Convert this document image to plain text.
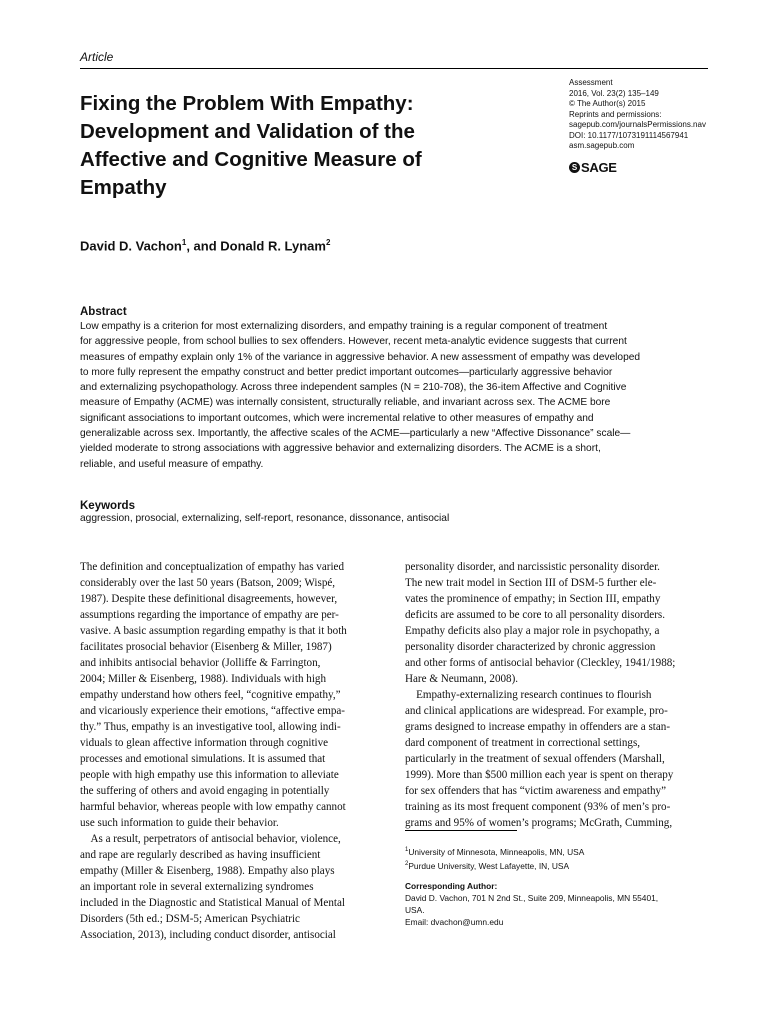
Article
Fixing the Problem With Empathy:
Development and Validation of the
Affective and Cognitive Measure of
Empathy
Assessment
2016, Vol. 23(2) 135–149
© The Author(s) 2015
Reprints and permissions:
sagepub.com/journalsPermissions.nav
DOI: 10.1177/1073191114567941
asm.sagepub.com
S SAGE
David D. Vachon$^1$, and Donald R. Lynam$^2$
Abstract

Low empathy is a criterion for most externalizing disorders, and empathy training is a regular component of treatment
for aggressive people, from school bullies to sex offenders. However, recent meta-analytic evidence suggests that current
measures of empathy explain only 1% of the variance in aggressive behavior. A new assessment of empathy was developed
to more fully represent the empathy construct and better predict important outcomes—particularly aggressive behavior
and externalizing psychopathology. Across three independent samples (N = 210-708), the 36-item Affective and Cognitive
measure of Empathy (ACME) was internally consistent, structurally reliable, and invariant across sex. The ACME bore
significant associations to important outcomes, which were incremental relative to other measures of empathy and
generalizable across sex. Importantly, the affective scales of the ACME—particularly a new “Affective Dissonance” scale—
yielded moderate to strong associations with aggressive behavior and externalizing disorders. The ACME is a short,
reliable, and useful measure of empathy.

Keywords

aggression, prosocial, externalizing, self-report, resonance, dissonance, antisocial

The definition and conceptualization of empathy has varied
considerably over the last 50 years (Batson, 2009; Wispé,
1987). Despite these definitional disagreements, however,
assumptions regarding the importance of empathy are per-
vasive. A basic assumption regarding empathy is that it both
facilitates prosocial behavior (Eisenberg & Miller, 1987)
and inhibits antisocial behavior (Jolliffe & Farrington,
2004; Miller & Eisenberg, 1988). Individuals with high
empathy understand how others feel, “cognitive empathy,”
and vicariously experience their emotions, “affective empa-
thy.” Thus, empathy is an investigative tool, allowing indi-
viduals to glean affective information through cognitive
processes and emotional simulations. It is assumed that
people with high empathy use this information to alleviate
the suffering of others and avoid engaging in potentially
harmful behavior, whereas people with low empathy cannot
use such information to guide their behavior.
As a result, perpetrators of antisocial behavior, violence,
and rape are regularly described as having insufficient
empathy (Miller & Eisenberg, 1988). Empathy also plays
an important role in several externalizing syndromes
included in the Diagnostic and Statistical Manual of Mental
Disorders (5th ed.; DSM-5; American Psychiatric
Association, 2013), including conduct disorder, antisocial
personality disorder, and narcissistic personality disorder.
The new trait model in Section III of DSM-5 further ele-
vates the prominence of empathy; in Section III, empathy
deficits are assumed to be core to all personality disorders.
Empathy deficits also play a major role in psychopathy, a
personality disorder characterized by chronic aggression
and other forms of antisocial behavior (Cleckley, 1941/1988;
Hare & Neumann, 2008).
Empathy-externalizing research continues to flourish
and clinical applications are widespread. For example, pro-
grams designed to increase empathy in offenders are a stan-
dard component of treatment in correctional settings,
particularly in the treatment of sexual offenders (Marshall,
1999). More than $500 million each year is spent on therapy
for sex offenders that has “victim awareness and empathy”
training as its most frequent component (93% of men’s pro-
grams and 95% of women’s programs; McGrath, Cumming,
$^1$University of Minnesota, Minneapolis, MN, USA
$^2$Purdue University, West Lafayette, IN, USA
Corresponding Author:
David D. Vachon, 701 N 2nd St., Suite 209, Minneapolis, MN 55401,
USA.
Email: dvachon@umn.edu
